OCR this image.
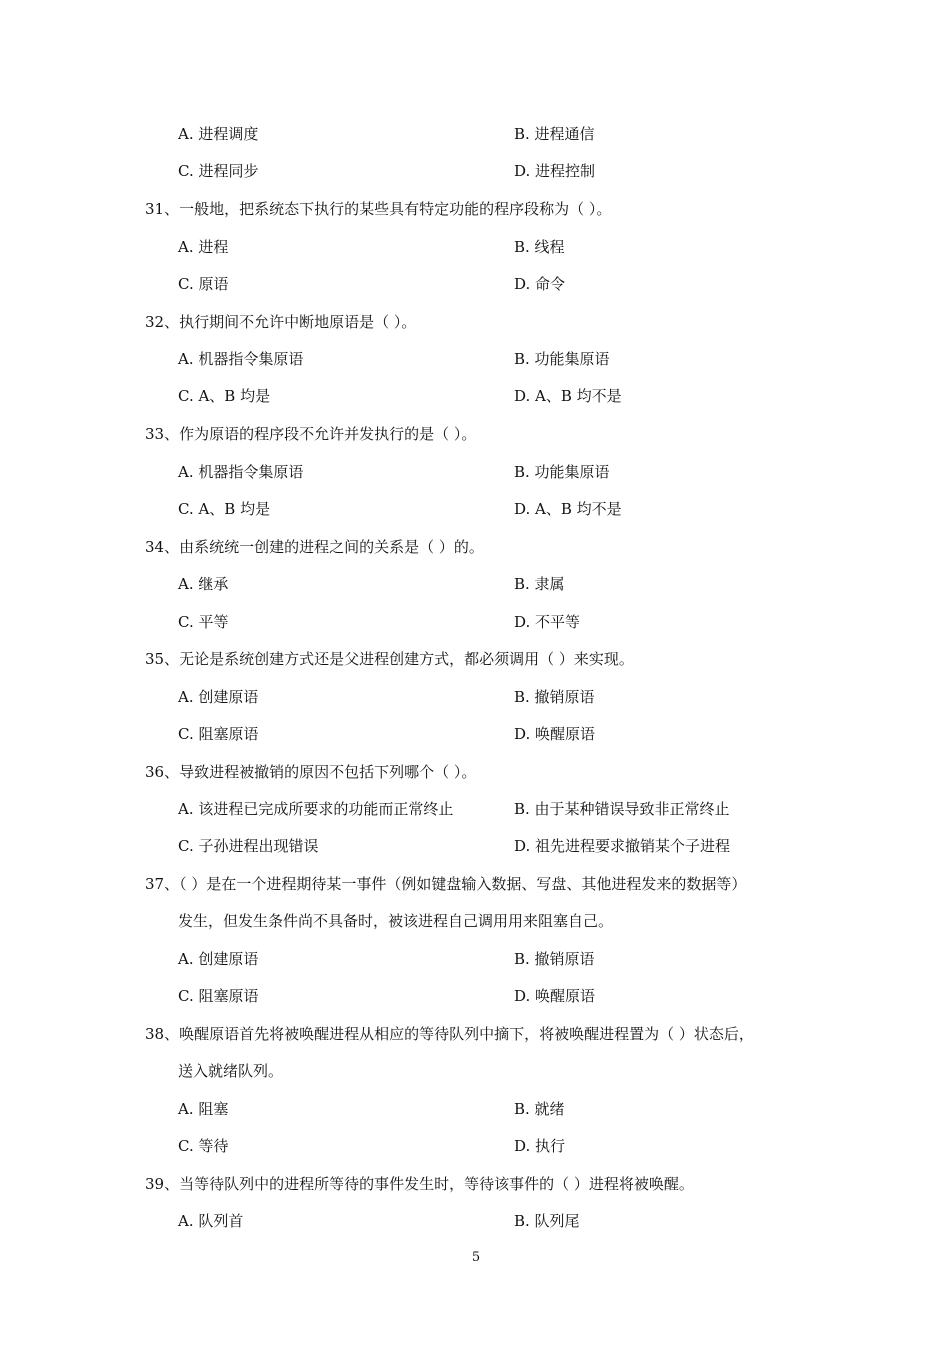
A. 进程调度	B. 进程通信
C. 进程同步	D. 进程控制
31、一般地，把系统态下执行的某些具有特定功能的程序段称为（ ）。
A. 进程	B. 线程
C. 原语	D. 命令
32、执行期间不允许中断地原语是（ ）。
A. 机器指令集原语	B. 功能集原语
C. A、B 均是	D. A、B 均不是
33、作为原语的程序段不允许并发执行的是（ ）。
A. 机器指令集原语	B. 功能集原语
C. A、B 均是	D. A、B 均不是
34、由系统统一创建的进程之间的关系是（ ）的。
A. 继承	B. 隶属
C. 平等	D. 不平等
35、无论是系统创建方式还是父进程创建方式，都必须调用（ ）来实现。
A. 创建原语	B. 撤销原语
C. 阻塞原语	D. 唤醒原语
36、导致进程被撤销的原因不包括下列哪个（ ）。
A. 该进程已完成所要求的功能而正常终止	B. 由于某种错误导致非正常终止
C. 子孙进程出现错误	D. 祖先进程要求撤销某个子进程
37、（ ）是在一个进程期待某一事件（例如键盘输入数据、写盘、其他进程发来的数据等）
发生，但发生条件尚不具备时，被该进程自己调用用来阻塞自己。
A. 创建原语	B. 撤销原语
C. 阻塞原语	D. 唤醒原语
38、唤醒原语首先将被唤醒进程从相应的等待队列中摘下，将被唤醒进程置为（ ）状态后，
送入就绪队列。
A. 阻塞	B. 就绪
C. 等待	D. 执行
39、当等待队列中的进程所等待的事件发生时，等待该事件的（ ）进程将被唤醒。
A. 队列首	B. 队列尾
5
